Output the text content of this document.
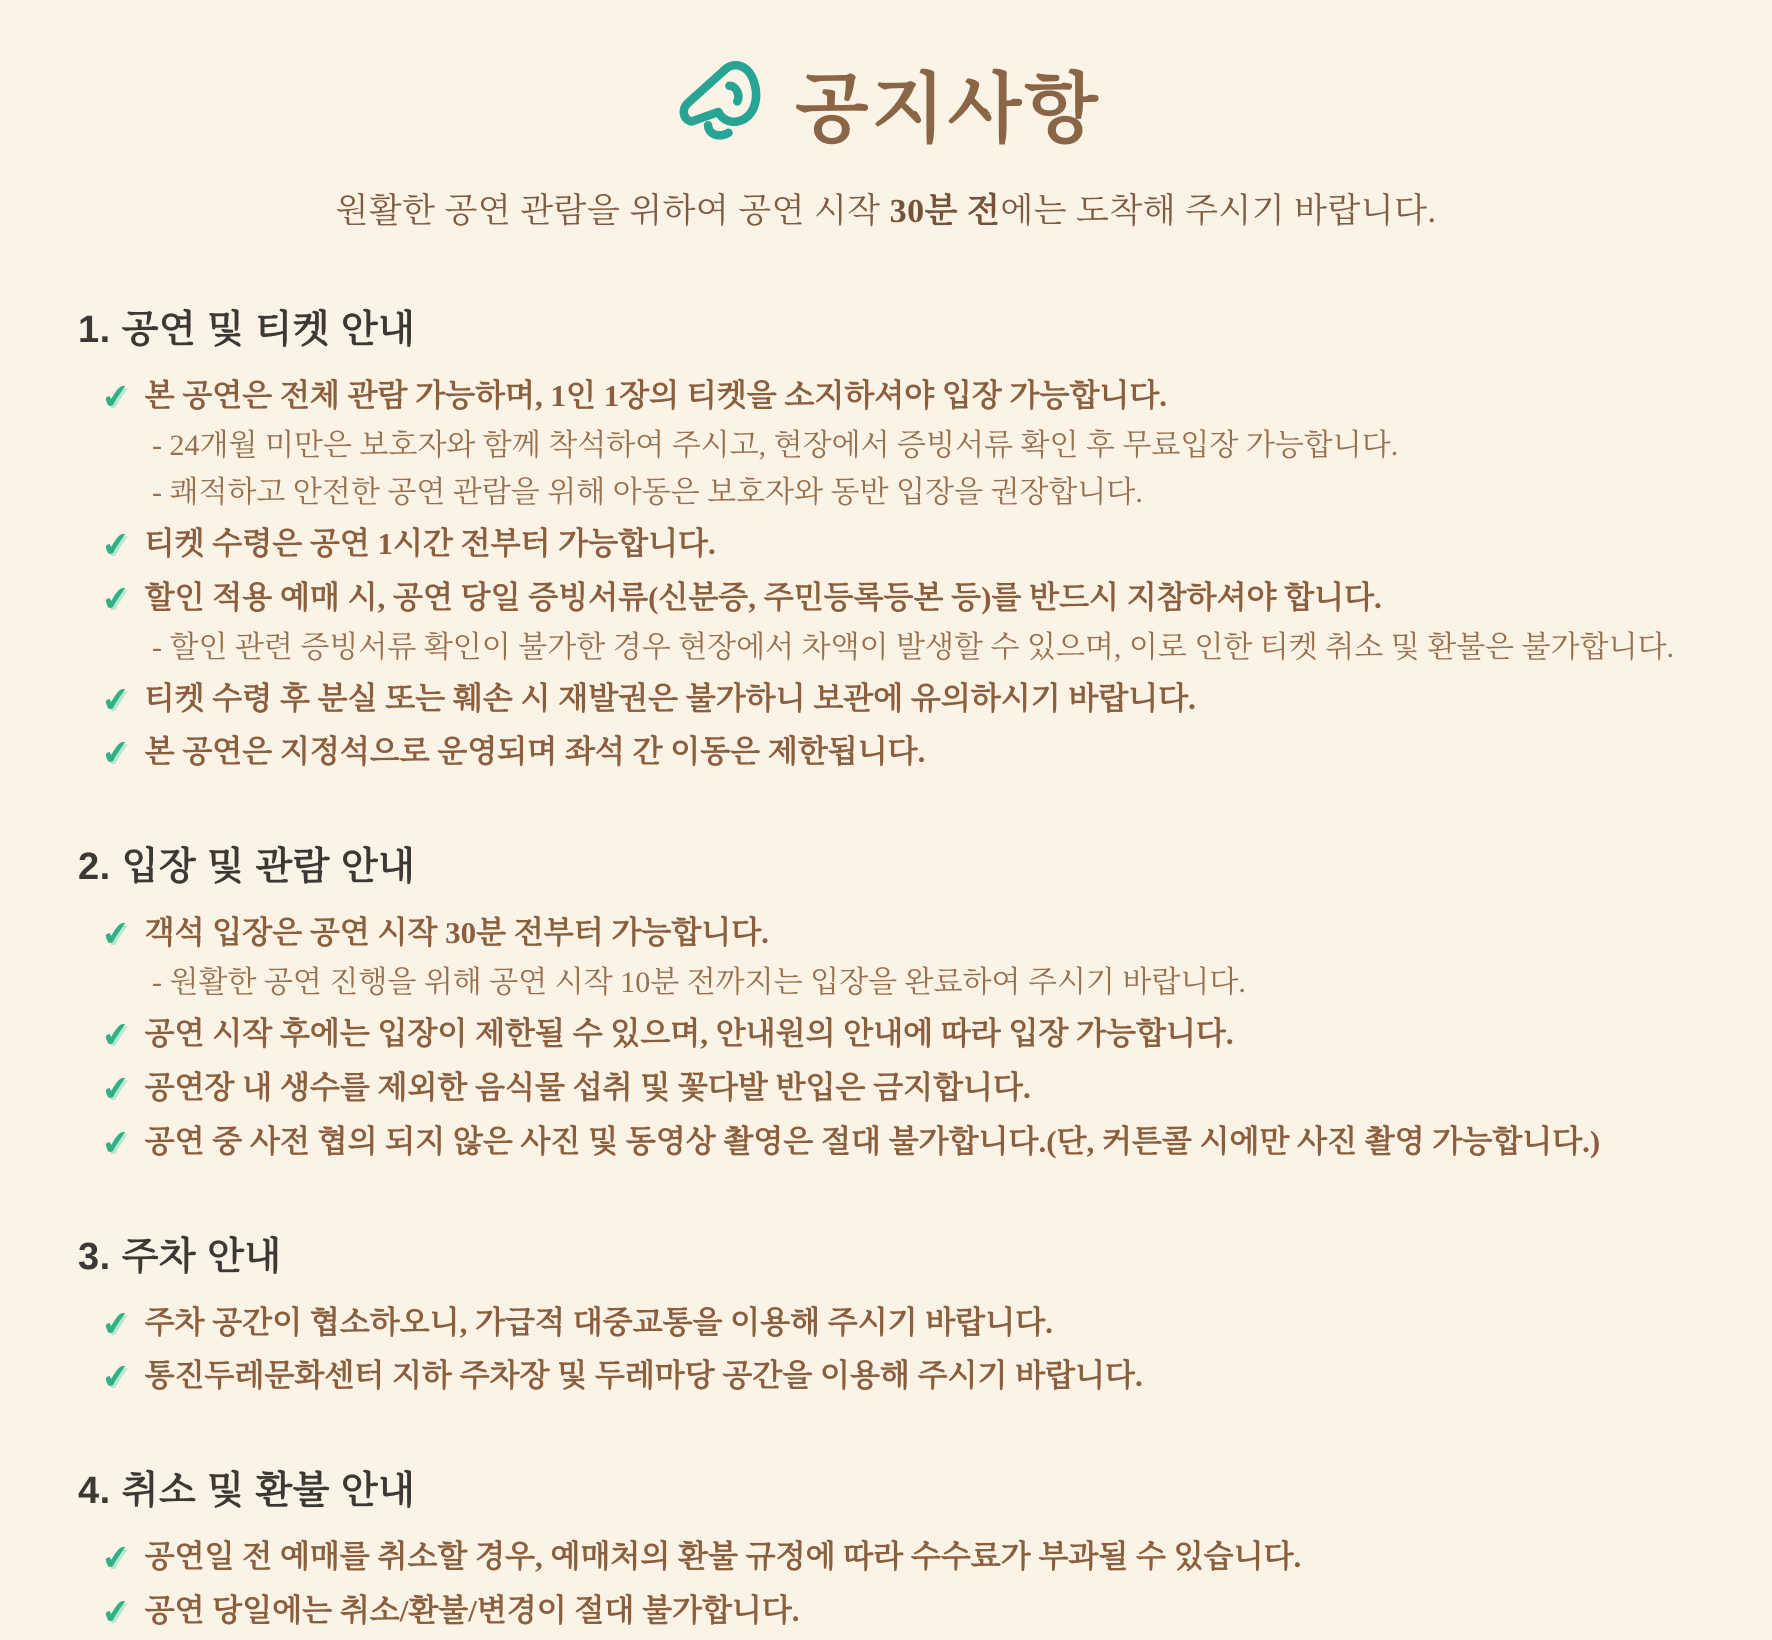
공지사항

원활한 공연 관람을 위하여 공연 시작 30분 전에는 도착해 주시기 바랍니다.

1. 공연 및 티켓 안내
✔ 본 공연은 전체 관람 가능하며, 1인 1장의 티켓을 소지하셔야 입장 가능합니다.
- 24개월 미만은 보호자와 함께 착석하여 주시고, 현장에서 증빙서류 확인 후 무료입장 가능합니다.
- 쾌적하고 안전한 공연 관람을 위해 아동은 보호자와 동반 입장을 권장합니다.
✔ 티켓 수령은 공연 1시간 전부터 가능합니다.
✔ 할인 적용 예매 시, 공연 당일 증빙서류(신분증, 주민등록등본 등)를 반드시 지참하셔야 합니다.
- 할인 관련 증빙서류 확인이 불가한 경우 현장에서 차액이 발생할 수 있으며, 이로 인한 티켓 취소 및 환불은 불가합니다.
✔ 티켓 수령 후 분실 또는 훼손 시 재발권은 불가하니 보관에 유의하시기 바랍니다.
✔ 본 공연은 지정석으로 운영되며 좌석 간 이동은 제한됩니다.
2. 입장 및 관람 안내
✔ 객석 입장은 공연 시작 30분 전부터 가능합니다.
- 원활한 공연 진행을 위해 공연 시작 10분 전까지는 입장을 완료하여 주시기 바랍니다.
✔ 공연 시작 후에는 입장이 제한될 수 있으며, 안내원의 안내에 따라 입장 가능합니다.
✔ 공연장 내 생수를 제외한 음식물 섭취 및 꽃다발 반입은 금지합니다.
✔ 공연 중 사전 협의 되지 않은 사진 및 동영상 촬영은 절대 불가합니다.(단, 커튼콜 시에만 사진 촬영 가능합니다.)
3. 주차 안내
✔ 주차 공간이 협소하오니, 가급적 대중교통을 이용해 주시기 바랍니다.
✔ 통진두레문화센터 지하 주차장 및 두레마당 공간을 이용해 주시기 바랍니다.
4. 취소 및 환불 안내
✔ 공연일 전 예매를 취소할 경우, 예매처의 환불 규정에 따라 수수료가 부과될 수 있습니다.
✔ 공연 당일에는 취소/환불/변경이 절대 불가합니다.
